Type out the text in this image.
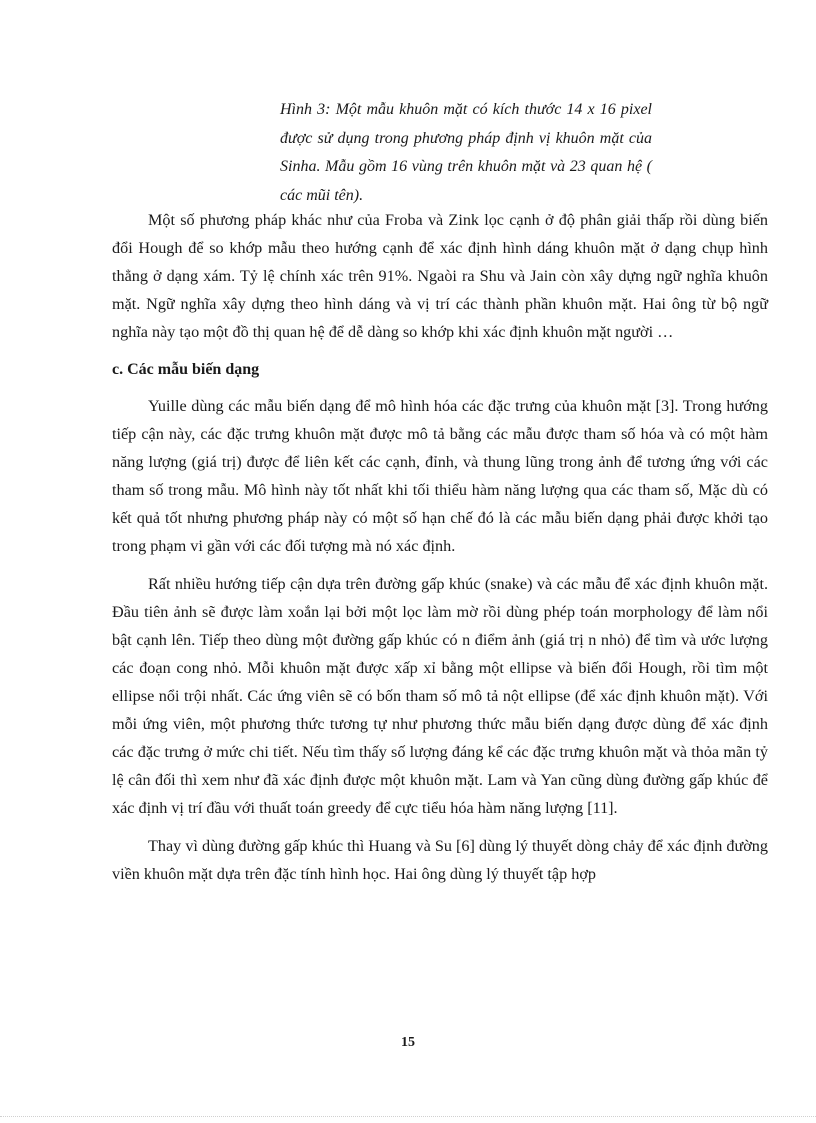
Hình 3: Một mẫu khuôn mặt có kích thước 14 x 16 pixel được sử dụng trong phương pháp định vị khuôn mặt của Sinha. Mẫu gồm 16 vùng trên khuôn mặt và 23 quan hệ ( các mũi tên).

Một số phương pháp khác như của Froba và Zink lọc cạnh ở độ phân giải thấp rồi dùng biến đổi Hough để so khớp mẫu theo hướng cạnh để xác định hình dáng khuôn mặt ở dạng chụp hình thẳng ở dạng xám. Tỷ lệ chính xác trên 91%. Ngaòi ra Shu và Jain còn xây dựng ngữ nghĩa khuôn mặt. Ngữ nghĩa xây dựng theo hình dáng và vị trí các thành phần khuôn mặt. Hai ông từ bộ ngữ nghĩa này tạo một đồ thị quan hệ để dễ dàng so khớp khi xác định khuôn mặt người …

c. Các mẫu biến dạng

Yuille dùng các mẫu biến dạng để mô hình hóa các đặc trưng của khuôn mặt [3]. Trong hướng tiếp cận này, các đặc trưng khuôn mặt được mô tả bằng các mẫu được tham số hóa và có một hàm năng lượng (giá trị) được để liên kết các cạnh, đỉnh, và thung lũng trong ảnh để tương ứng với các tham số trong mẫu. Mô hình này tốt nhất khi tối thiểu hàm năng lượng qua các tham số, Mặc dù có kết quả tốt nhưng phương pháp này có một số hạn chế đó là các mẫu biến dạng phải được khởi tạo trong phạm vi gần với các đối tượng mà nó xác định.

Rất nhiều hướng tiếp cận dựa trên đường gấp khúc (snake) và các mẫu để xác định khuôn mặt. Đầu tiên ảnh sẽ được làm xoắn lại bởi một lọc làm mờ rồi dùng phép toán morphology để làm nổi bật cạnh lên. Tiếp theo dùng một đường gấp khúc có n điểm ảnh (giá trị n nhỏ) để tìm và ước lượng các đoạn cong nhỏ. Mỗi khuôn mặt được xấp xỉ bằng một ellipse và biến đổi Hough, rồi tìm một ellipse nổi trội nhất. Các ứng viên sẽ có bốn tham số mô tả nột ellipse (để xác định khuôn mặt). Với mỗi ứng viên, một phương thức tương tự như phương thức mẫu biến dạng được dùng để xác định các đặc trưng ở mức chi tiết. Nếu tìm thấy số lượng đáng kể các đặc trưng khuôn mặt và thỏa mãn tỷ lệ cân đối thì xem như đã xác định được một khuôn mặt. Lam và Yan cũng dùng đường gấp khúc để xác định vị trí đầu với thuất toán greedy để cực tiểu hóa hàm năng lượng [11].

Thay vì dùng đường gấp khúc thì Huang và Su [6] dùng lý thuyết dòng chảy để xác định đường viền khuôn mặt dựa trên đặc tính hình học. Hai ông dùng lý thuyết tập hợp

15
